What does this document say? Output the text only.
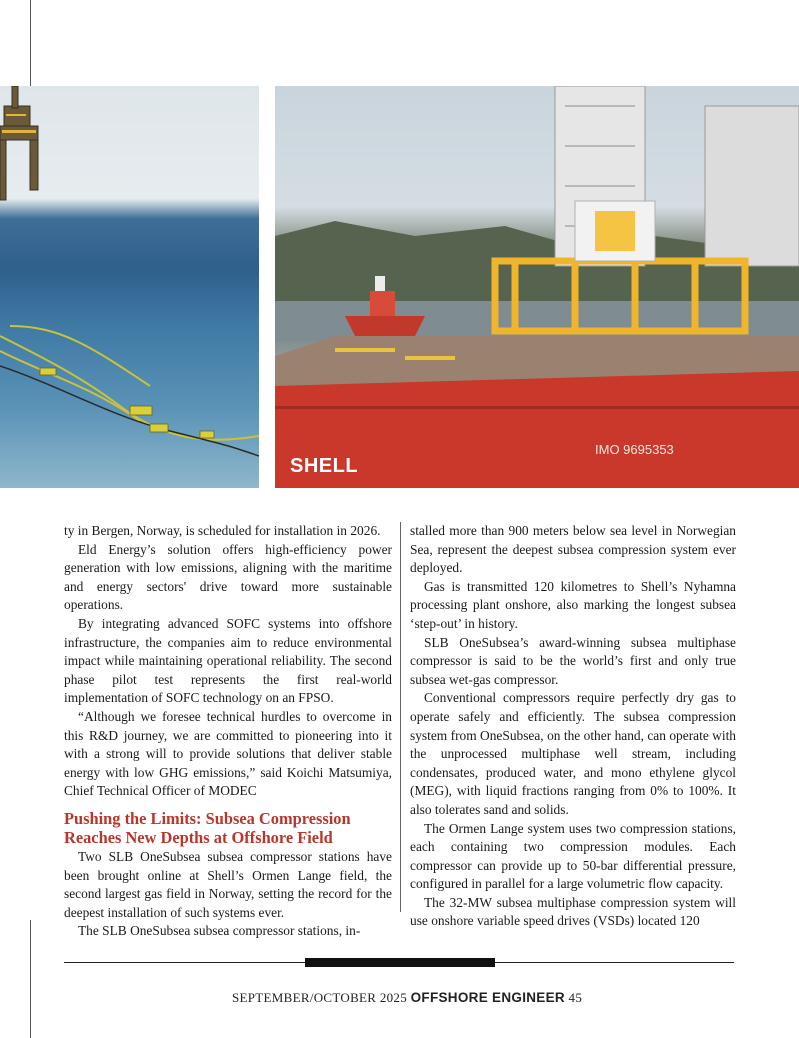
IMO 9695353
SHELL

ty in Bergen, Norway, is scheduled for installation in 2026.

Eld Energy’s solution offers high-efficiency power generation with low emissions, aligning with the maritime and energy sectors' drive toward more sustainable operations.

By integrating advanced SOFC systems into offshore infrastructure, the companies aim to reduce environmental impact while maintaining operational reliability. The second phase pilot test represents the first real-world implementation of SOFC technology on an FPSO.

“Although we foresee technical hurdles to overcome in this R&D journey, we are committed to pioneering into it with a strong will to provide solutions that deliver stable energy with low GHG emissions,” said Koichi Matsumiya, Chief Technical Officer of MODEC

Pushing the Limits: Subsea Compression Reaches New Depths at Offshore Field

Two SLB OneSubsea subsea compressor stations have been brought online at Shell’s Ormen Lange field, the second largest gas field in Norway, setting the record for the deepest installation of such systems ever.

The SLB OneSubsea subsea compressor stations, in-

stalled more than 900 meters below sea level in Norwegian Sea, represent the deepest subsea compression system ever deployed.

Gas is transmitted 120 kilometres to Shell’s Nyhamna processing plant onshore, also marking the longest subsea ‘step-out’ in history.

SLB OneSubsea’s award-winning subsea multiphase compressor is said to be the world’s first and only true subsea wet-gas compressor.

Conventional compressors require perfectly dry gas to operate safely and efficiently. The subsea compression system from OneSubsea, on the other hand, can operate with the unprocessed multiphase well stream, including condensates, produced water, and mono ethylene glycol (MEG), with liquid fractions ranging from 0% to 100%. It also tolerates sand and solids.

The Ormen Lange system uses two compression stations, each containing two compression modules. Each compressor can provide up to 50-bar differential pressure, configured in parallel for a large volumetric flow capacity.

The 32-MW subsea multiphase compression system will use onshore variable speed drives (VSDs) located 120

SEPTEMBER/OCTOBER 2025 OFFSHORE ENGINEER 45
